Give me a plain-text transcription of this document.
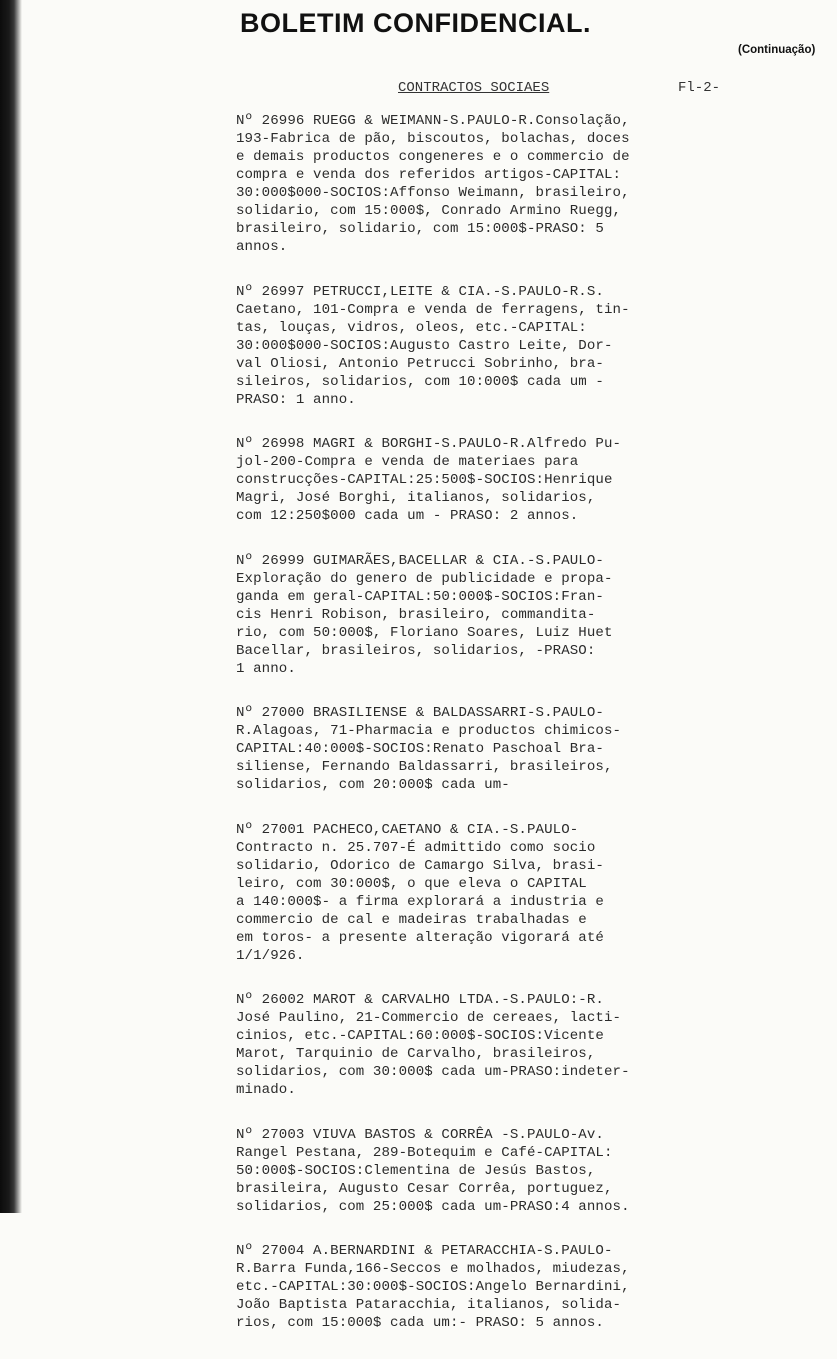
BOLETIM CONFIDENCIAL.
(Continuação)
CONTRACTOS SOCIAES	Fl-2-
Nº 26996 RUEGG & WEIMANN-S.PAULO-R.Consolação,
193-Fabrica de pão, biscoutos, bolachas, doces
e demais productos congeneres e o commercio de
compra e venda dos referidos artigos-CAPITAL:
30:000$000-SOCIOS:Affonso Weimann, brasileiro,
solidario, com 15:000$, Conrado Armino Ruegg,
brasileiro, solidario, com 15:000$-PRASO: 5
annos.
Nº 26997 PETRUCCI,LEITE & CIA.-S.PAULO-R.S.
Caetano, 101-Compra e venda de ferragens, tin-
tas, louças, vidros, oleos, etc.-CAPITAL:
30:000$000-SOCIOS:Augusto Castro Leite, Dor-
val Oliosi, Antonio Petrucci Sobrinho, bra-
sileiros, solidarios, com 10:000$ cada um -
PRASO: 1 anno.
Nº 26998 MAGRI & BORGHI-S.PAULO-R.Alfredo Pu-
jol-200-Compra e venda de materiaes para
construcções-CAPITAL:25:500$-SOCIOS:Henrique
Magri, José Borghi, italianos, solidarios,
com 12:250$000 cada um - PRASO: 2 annos.
Nº 26999 GUIMARÃES,BACELLAR & CIA.-S.PAULO-
Exploração do genero de publicidade e propa-
ganda em geral-CAPITAL:50:000$-SOCIOS:Fran-
cis Henri Robison, brasileiro, commandita-
rio, com 50:000$, Floriano Soares, Luiz Huet
Bacellar, brasileiros, solidarios, -PRASO:
1 anno.
Nº 27000 BRASILIENSE & BALDASSARRI-S.PAULO-
R.Alagoas, 71-Pharmacia e productos chimicos-
CAPITAL:40:000$-SOCIOS:Renato Paschoal Bra-
siliense, Fernando Baldassarri, brasileiros,
solidarios, com 20:000$ cada um-
Nº 27001 PACHECO,CAETANO & CIA.-S.PAULO-
Contracto n. 25.707-É admittido como socio
solidario, Odorico de Camargo Silva, brasi-
leiro, com 30:000$, o que eleva o CAPITAL
a 140:000$- a firma explorará a industria e
commercio de cal e madeiras trabalhadas e
em toros- a presente alteração vigorará até
1/1/926.
Nº 26002 MAROT & CARVALHO LTDA.-S.PAULO:-R.
José Paulino, 21-Commercio de cereaes, lacti-
cinios, etc.-CAPITAL:60:000$-SOCIOS:Vicente
Marot, Tarquinio de Carvalho, brasileiros,
solidarios, com 30:000$ cada um-PRASO:indeter-
minado.
Nº 27003 VIUVA BASTOS & CORRÊA -S.PAULO-Av.
Rangel Pestana, 289-Botequim e Café-CAPITAL:
50:000$-SOCIOS:Clementina de Jesús Bastos,
brasileira, Augusto Cesar Corrêa, portuguez,
solidarios, com 25:000$ cada um-PRASO:4 annos.
Nº 27004 A.BERNARDINI & PETARACCHIA-S.PAULO-
R.Barra Funda,166-Seccos e molhados, miudezas,
etc.-CAPITAL:30:000$-SOCIOS:Angelo Bernardini,
João Baptista Pataracchia, italianos, solida-
rios, com 15:000$ cada um:- PRASO: 5 annos.
